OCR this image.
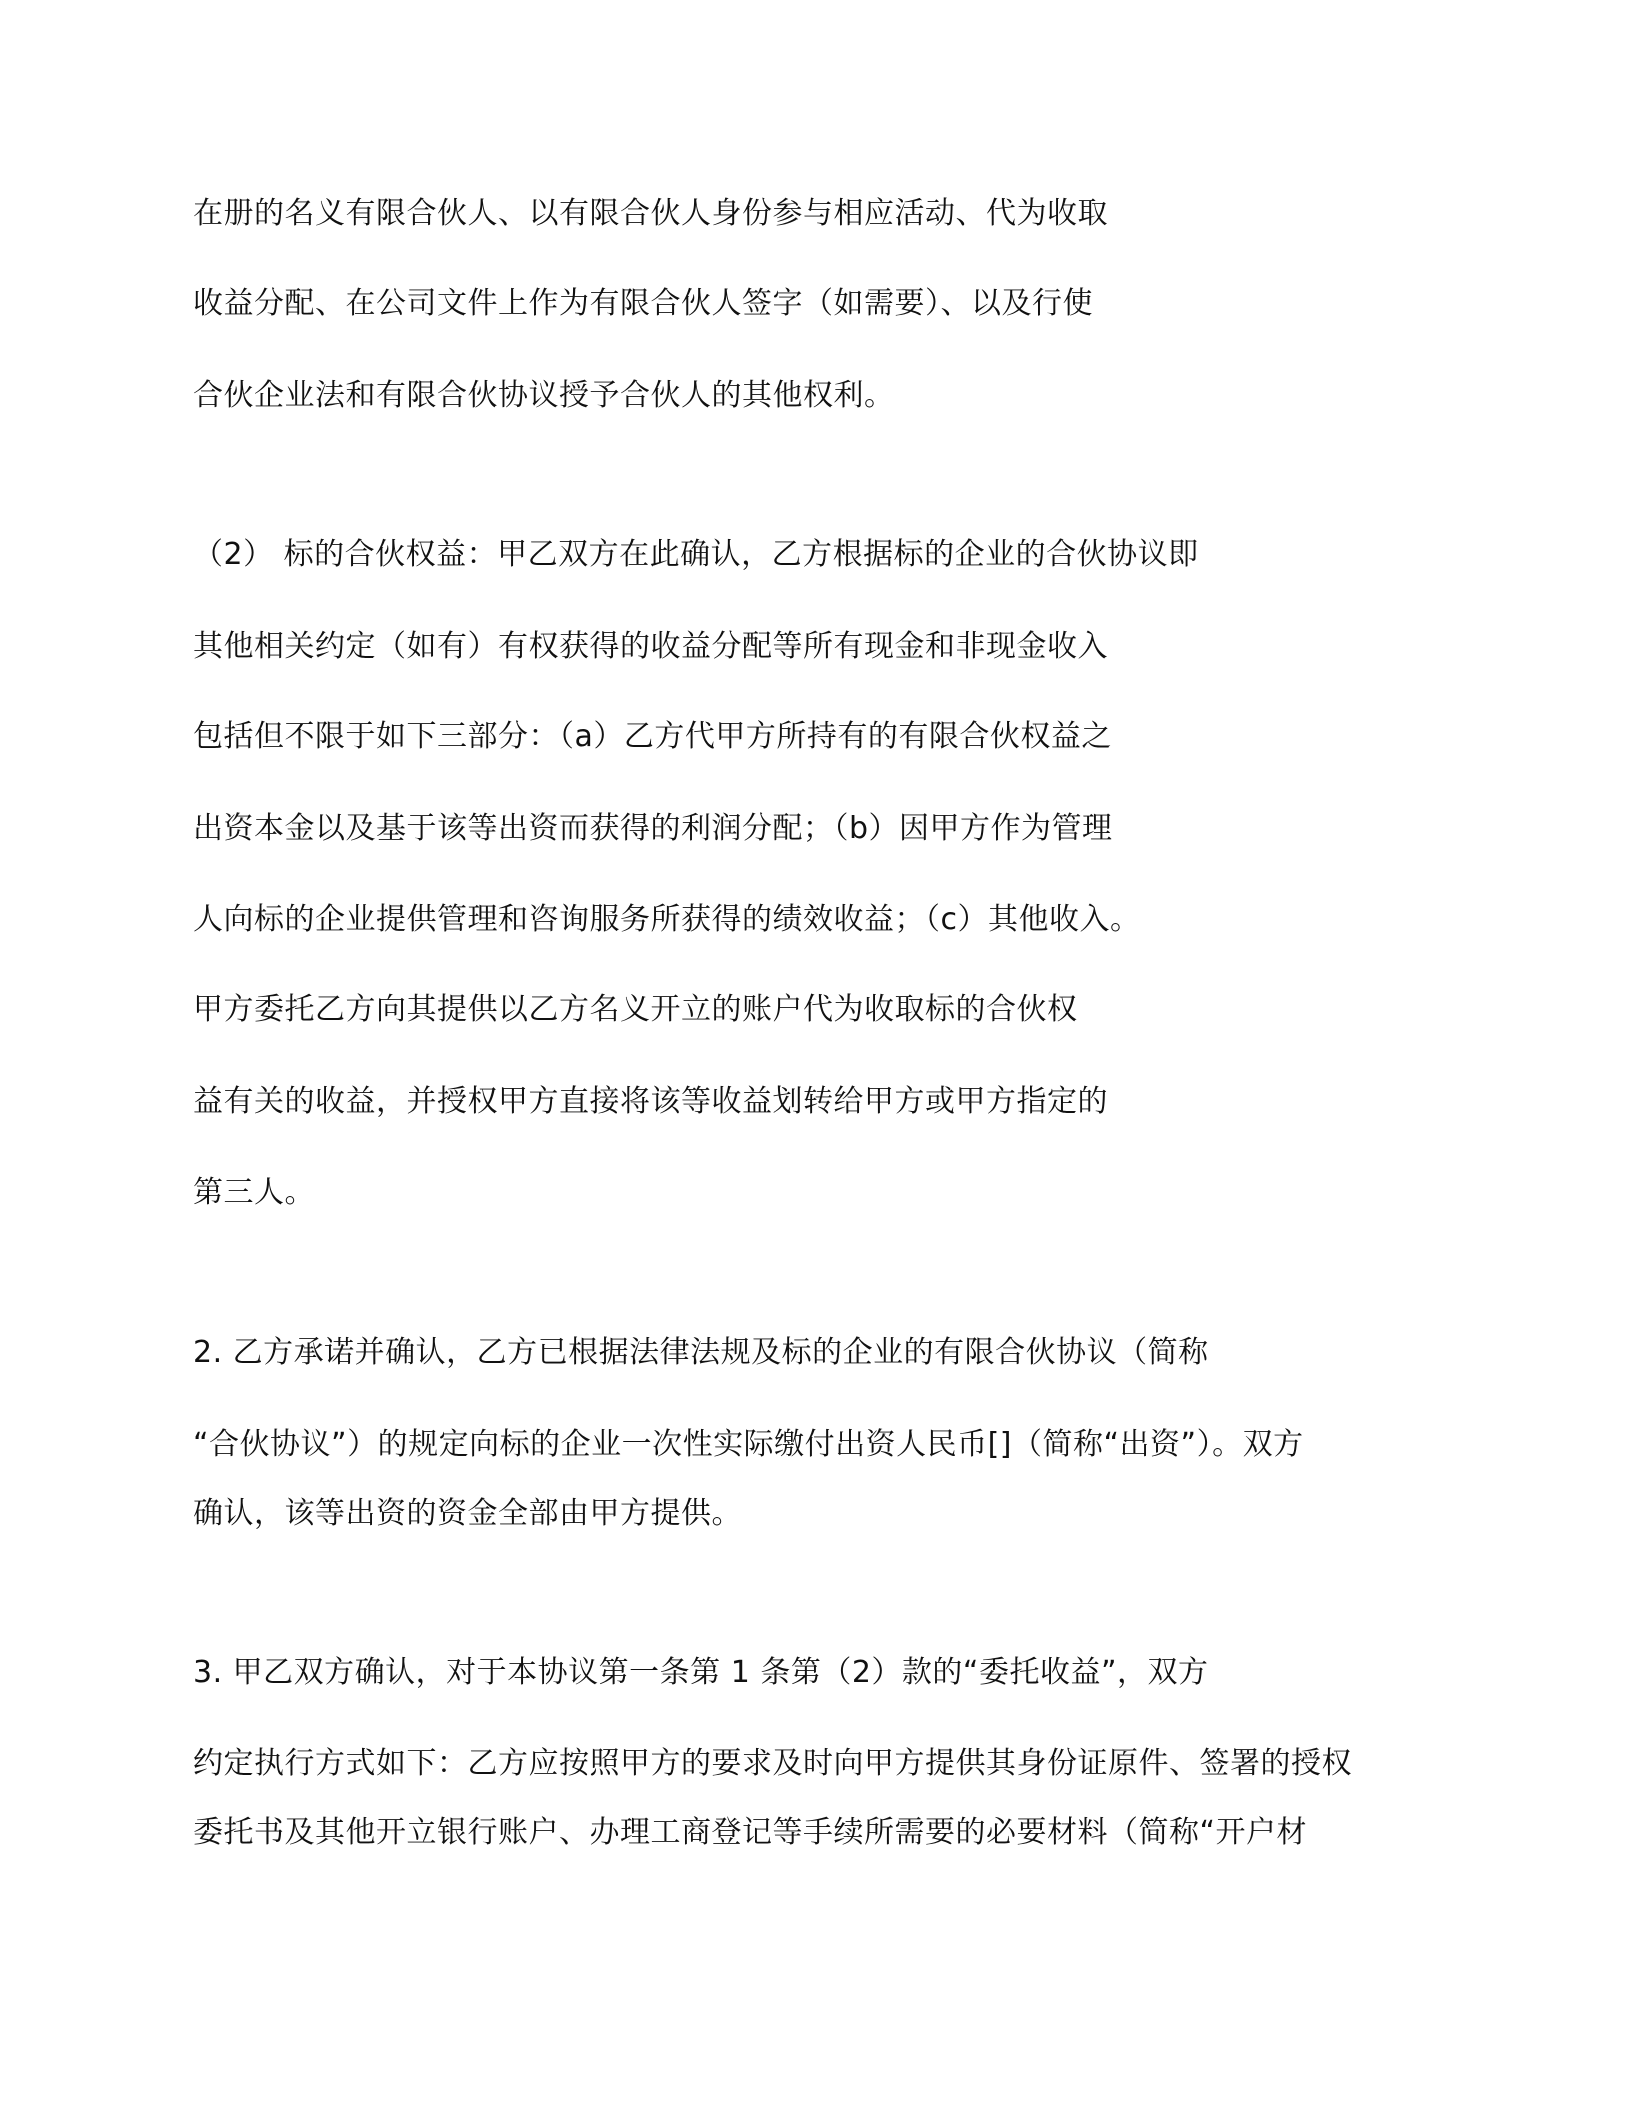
在册的名义有限合伙人、以有限合伙人身份参与相应活动、代为收取
收益分配、在公司文件上作为有限合伙人签字（如需要）、以及行使
合伙企业法和有限合伙协议授予合伙人的其他权利。
（2） 标的合伙权益：甲乙双方在此确认，乙方根据标的企业的合伙协议即
其他相关约定（如有）有权获得的收益分配等所有现金和非现金收入
包括但不限于如下三部分：（a）乙方代甲方所持有的有限合伙权益之
出资本金以及基于该等出资而获得的利润分配；（b）因甲方作为管理
人向标的企业提供管理和咨询服务所获得的绩效收益；（c）其他收入。
甲方委托乙方向其提供以乙方名义开立的账户代为收取标的合伙权
益有关的收益，并授权甲方直接将该等收益划转给甲方或甲方指定的
第三人。
2. 乙方承诺并确认，乙方已根据法律法规及标的企业的有限合伙协议（简称
“合伙协议”）的规定向标的企业一次性实际缴付出资人民币[]（简称“出资”）。双方
确认，该等出资的资金全部由甲方提供。
3. 甲乙双方确认，对于本协议第一条第 1 条第（2）款的“委托收益”，双方
约定执行方式如下：乙方应按照甲方的要求及时向甲方提供其身份证原件、签署的授权
委托书及其他开立银行账户、办理工商登记等手续所需要的必要材料（简称“开户材
